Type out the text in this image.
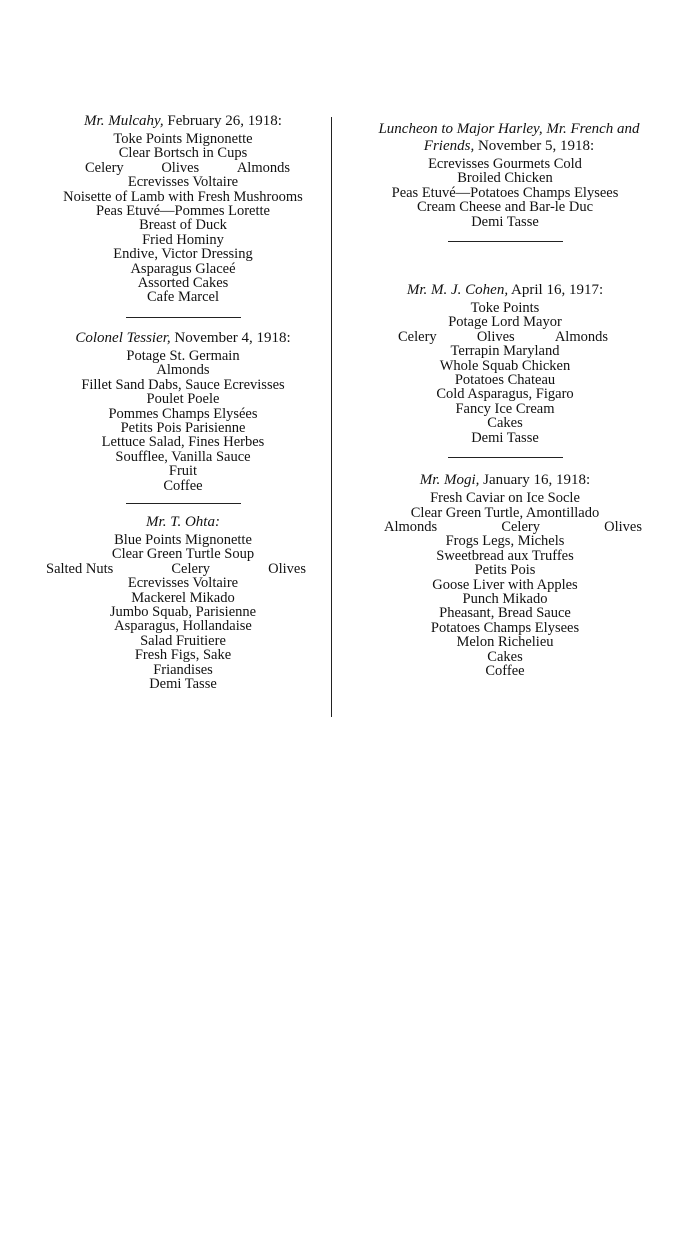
Mr. Mulcahy, February 26, 1918:
Toke Points Mignonette
Clear Bortsch in Cups
Celery	Olives	Almonds
Ecrevisses Voltaire
Noisette of Lamb with Fresh Mushrooms
Peas Etuvé—Pommes Lorette
Breast of Duck
Fried Hominy
Endive, Victor Dressing
Asparagus Glaceé
Assorted Cakes
Cafe Marcel
Colonel Tessier, November 4, 1918:
Potage St. Germain
Almonds
Fillet Sand Dabs, Sauce Ecrevisses
Poulet Poele
Pommes Champs Elysées
Petits Pois Parisienne
Lettuce Salad, Fines Herbes
Soufflee, Vanilla Sauce
Fruit
Coffee
Mr. T. Ohta:
Blue Points Mignonette
Clear Green Turtle Soup
Salted Nuts	Celery	Olives
Ecrevisses Voltaire
Mackerel Mikado
Jumbo Squab, Parisienne
Asparagus, Hollandaise
Salad Fruitiere
Fresh Figs, Sake
Friandises
Demi Tasse
Luncheon to Major Harley, Mr. French and Friends, November 5, 1918:
Ecrevisses Gourmets Cold
Broiled Chicken
Peas Etuvé—Potatoes Champs Elysees
Cream Cheese and Bar-le Duc
Demi Tasse
Mr. M. J. Cohen, April 16, 1917:
Toke Points
Potage Lord Mayor
Celery	Olives	Almonds
Terrapin Maryland
Whole Squab Chicken
Potatoes Chateau
Cold Asparagus, Figaro
Fancy Ice Cream
Cakes
Demi Tasse
Mr. Mogi, January 16, 1918:
Fresh Caviar on Ice Socle
Clear Green Turtle, Amontillado
Almonds	Celery	Olives
Frogs Legs, Michels
Sweetbread aux Truffes
Petits Pois
Goose Liver with Apples
Punch Mikado
Pheasant, Bread Sauce
Potatoes Champs Elysees
Melon Richelieu
Cakes
Coffee
